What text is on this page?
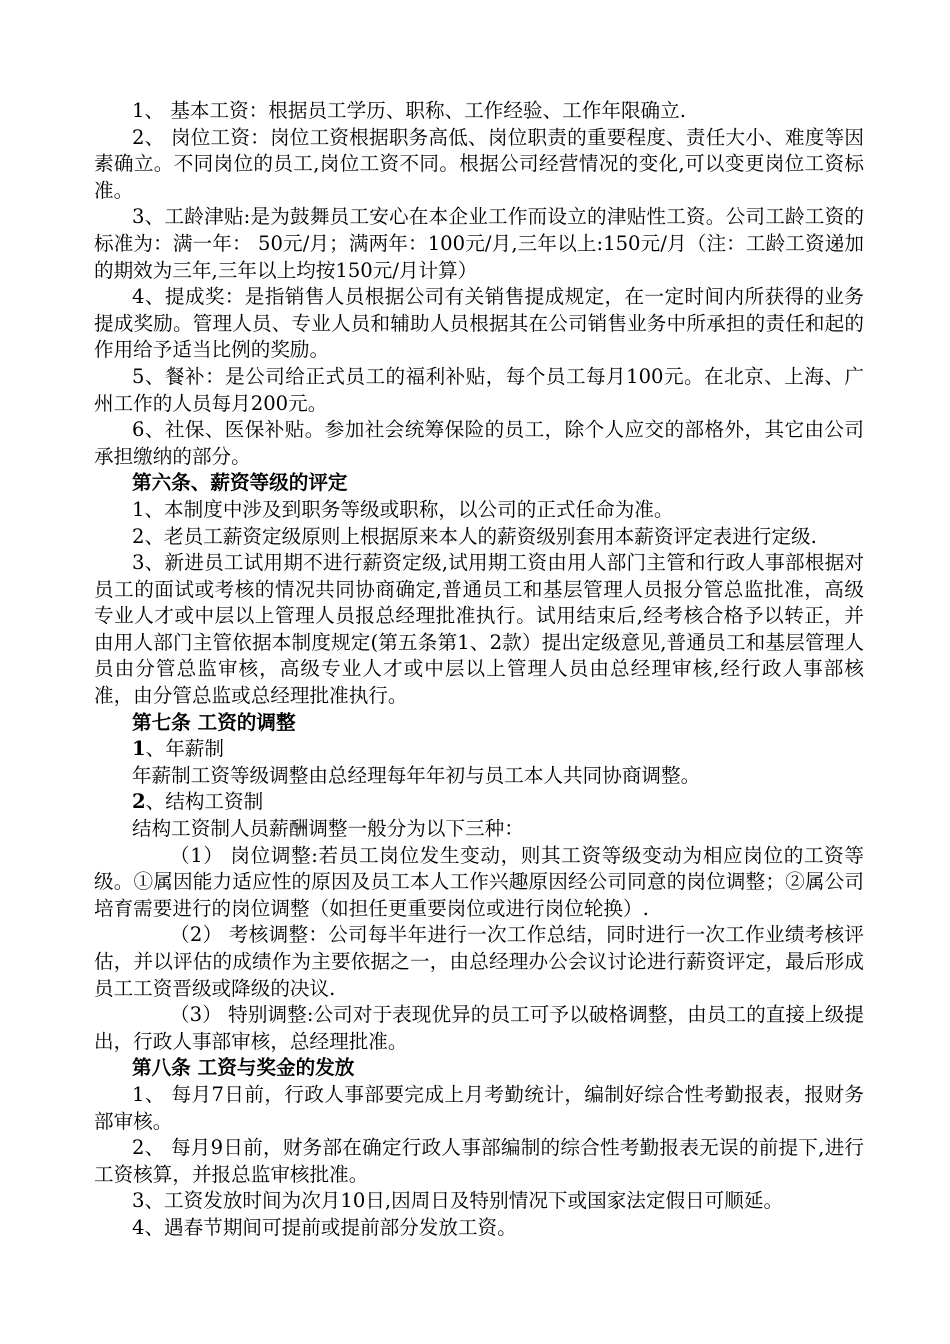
1、 基本工资：根据员工学历、职称、工作经验、工作年限确立.

2、 岗位工资：岗位工资根据职务高低、岗位职责的重要程度、责任大小、难度等因素确立。不同岗位的员工,岗位工资不同。根据公司经营情况的变化,可以变更岗位工资标准。

3、工龄津贴:是为鼓舞员工安心在本企业工作而设立的津贴性工资。公司工龄工资的标准为：满一年： 50元/月；满两年：100元/月,三年以上:150元/月（注：工龄工资递加的期效为三年,三年以上均按150元/月计算）

4、提成奖：是指销售人员根据公司有关销售提成规定，在一定时间内所获得的业务提成奖励。管理人员、专业人员和辅助人员根据其在公司销售业务中所承担的责任和起的作用给予适当比例的奖励。

5、餐补：是公司给正式员工的福利补贴，每个员工每月100元。在北京、上海、广州工作的人员每月200元。

6、社保、医保补贴。参加社会统筹保险的员工，除个人应交的部格外，其它由公司承担缴纳的部分。

第六条、薪资等级的评定

1、本制度中涉及到职务等级或职称，以公司的正式任命为准。

2、老员工薪资定级原则上根据原来本人的薪资级别套用本薪资评定表进行定级.

3、新进员工试用期不进行薪资定级,试用期工资由用人部门主管和行政人事部根据对员工的面试或考核的情况共同协商确定,普通员工和基层管理人员报分管总监批准，高级专业人才或中层以上管理人员报总经理批准执行。试用结束后,经考核合格予以转正，并由用人部门主管依据本制度规定(第五条第1、2款）提出定级意见,普通员工和基层管理人员由分管总监审核，高级专业人才或中层以上管理人员由总经理审核,经行政人事部核准，由分管总监或总经理批准执行。

第七条 工资的调整

1、年薪制

年薪制工资等级调整由总经理每年年初与员工本人共同协商调整。

2、结构工资制

结构工资制人员薪酬调整一般分为以下三种：

（1） 岗位调整:若员工岗位发生变动，则其工资等级变动为相应岗位的工资等级。①属因能力适应性的原因及员工本人工作兴趣原因经公司同意的岗位调整；②属公司培育需要进行的岗位调整（如担任更重要岗位或进行岗位轮换）.

（2） 考核调整：公司每半年进行一次工作总结，同时进行一次工作业绩考核评估，并以评估的成绩作为主要依据之一，由总经理办公会议讨论进行薪资评定，最后形成员工工资晋级或降级的决议.

（3） 特别调整:公司对于表现优异的员工可予以破格调整，由员工的直接上级提出，行政人事部审核，总经理批准。

第八条 工资与奖金的发放

1、 每月7日前，行政人事部要完成上月考勤统计，编制好综合性考勤报表，报财务部审核。

2、 每月9日前，财务部在确定行政人事部编制的综合性考勤报表无误的前提下,进行工资核算，并报总监审核批准。

3、工资发放时间为次月10日,因周日及特别情况下或国家法定假日可顺延。

4、遇春节期间可提前或提前部分发放工资。
